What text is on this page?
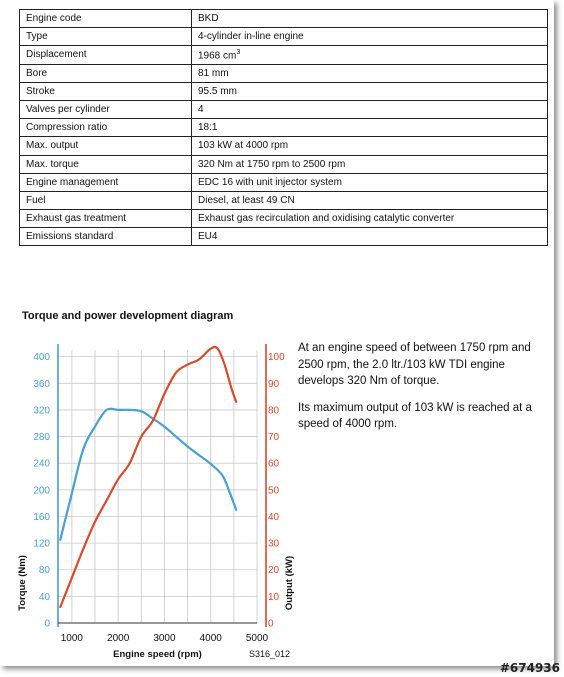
Engine code	BKD
Type	4-cylinder in-line engine
Displacement	1968 $cm^3$
Bore	81 mm
Stroke	95.5 mm
Valves per cylinder	4
Compression ratio	18:1
Max. output	103 kW at 4000 rpm
Max. torque	320 Nm at 1750 rpm to 2500 rpm
Engine management	EDC 16 with unit injector system
Fuel	Diesel, at least 49 CN
Exhaust gas treatment	Exhaust gas recirculation and oxidising catalytic converter
Emissions standard	EU4
Torque and power development diagram
0
40
80
120
160
200
240
280
320
360
400
0
10
20
30
40
50
60
70
80
90
100
1000 2000 3000 4000 5000
Engine speed (rpm)
Torque (Nm)	Output (kW)
S316_012

At an engine speed of between 1750 rpm and 2500 rpm, the 2.0 ltr./103 kW TDI engine develops 320 Nm of torque.

Its maximum output of 103 kW is reached at a speed of 4000 rpm.

#674936
